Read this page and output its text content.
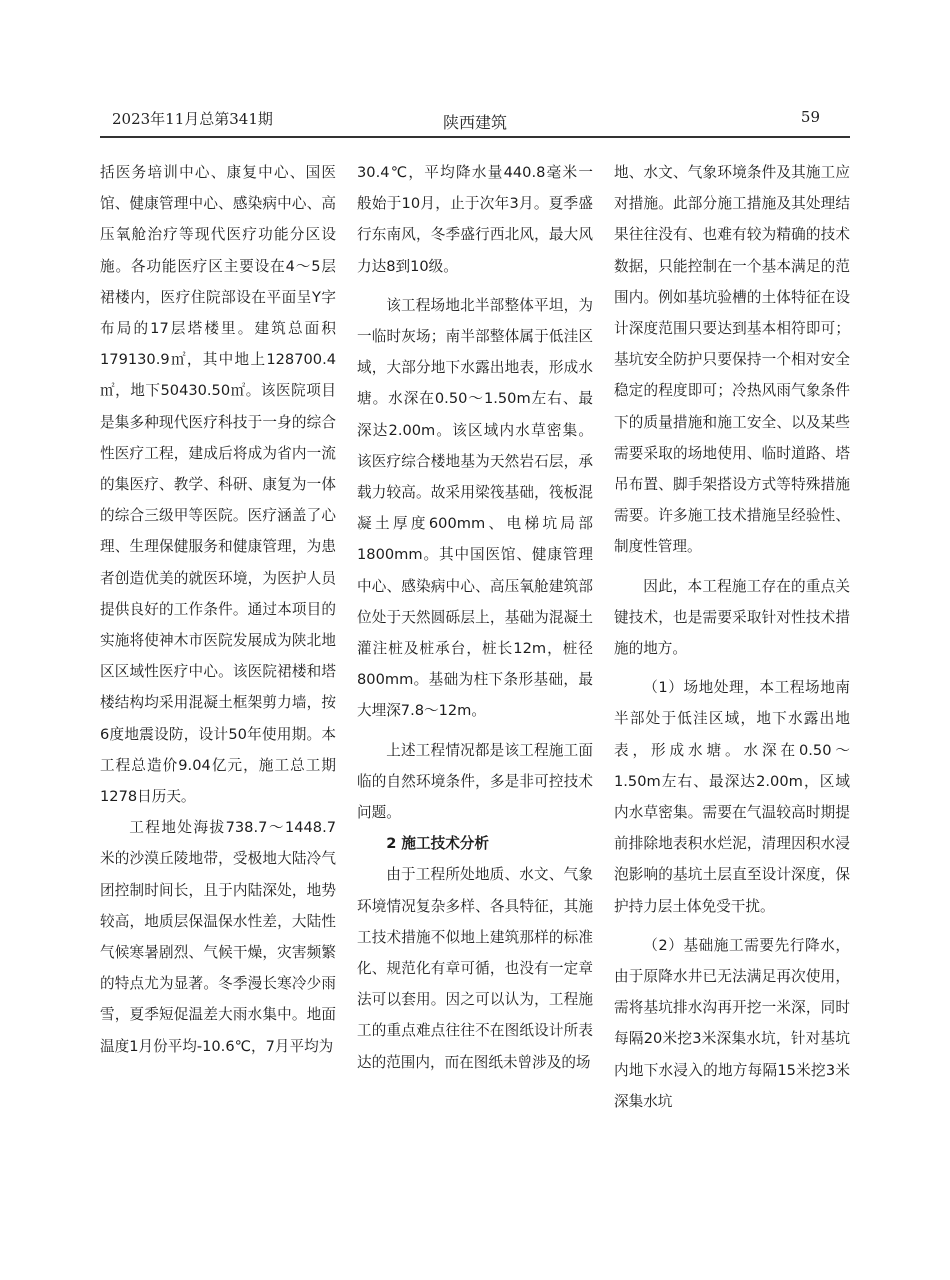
2023年11月总第341期	陕西建筑	59

括医务培训中心、康复中心、国医馆、健康管理中心、感染病中心、高压氧舱治疗等现代医疗功能分区设施。各功能医疗区主要设在4～5层裙楼内，医疗住院部设在平面呈Y字布局的17层塔楼里。建筑总面积179130.9㎡，其中地上128700.4㎡，地下50430.50㎡。该医院项目是集多种现代医疗科技于一身的综合性医疗工程，建成后将成为省内一流的集医疗、教学、科研、康复为一体的综合三级甲等医院。医疗涵盖了心理、生理保健服务和健康管理，为患者创造优美的就医环境，为医护人员提供良好的工作条件。通过本项目的实施将使神木市医院发展成为陕北地区区域性医疗中心。该医院裙楼和塔楼结构均采用混凝土框架剪力墙，按6度地震设防，设计50年使用期。本工程总造价9.04亿元，施工总工期1278日历天。

工程地处海拔738.7～1448.7米的沙漠丘陵地带，受极地大陆冷气团控制时间长，且于内陆深处，地势较高，地质层保温保水性差，大陆性气候寒暑剧烈、气候干燥，灾害频繁的特点尤为显著。冬季漫长寒冷少雨雪，夏季短促温差大雨水集中。地面温度1月份平均-10.6℃，7月平均为

30.4℃，平均降水量440.8毫米一般始于10月，止于次年3月。夏季盛行东南风，冬季盛行西北风，最大风力达8到10级。

该工程场地北半部整体平坦，为一临时灰场；南半部整体属于低洼区域，大部分地下水露出地表，形成水塘。水深在0.50～1.50m左右、最深达2.00m。该区域内水草密集。该医疗综合楼地基为天然岩石层，承载力较高。故采用梁筏基础，筏板混凝土厚度600mm、电梯坑局部1800mm。其中国医馆、健康管理中心、感染病中心、高压氧舱建筑部位处于天然圆砾层上，基础为混凝土灌注桩及桩承台，桩长12m，桩径800mm。基础为柱下条形基础，最大埋深7.8～12m。

上述工程情况都是该工程施工面临的自然环境条件，多是非可控技术问题。

2 施工技术分析

由于工程所处地质、水文、气象环境情况复杂多样、各具特征，其施工技术措施不似地上建筑那样的标准化、规范化有章可循，也没有一定章法可以套用。因之可以认为，工程施工的重点难点往往不在图纸设计所表达的范围内，而在图纸未曾涉及的场

地、水文、气象环境条件及其施工应对措施。此部分施工措施及其处理结果往往没有、也难有较为精确的技术数据，只能控制在一个基本满足的范围内。例如基坑验槽的土体特征在设计深度范围只要达到基本相符即可；基坑安全防护只要保持一个相对安全稳定的程度即可；冷热风雨气象条件下的质量措施和施工安全、以及某些需要采取的场地使用、临时道路、塔吊布置、脚手架搭设方式等特殊措施需要。许多施工技术措施呈经验性、制度性管理。

因此，本工程施工存在的重点关键技术，也是需要采取针对性技术措施的地方。

（1）场地处理，本工程场地南半部处于低洼区域，地下水露出地表，形成水塘。水深在0.50～1.50m左右、最深达2.00m，区域内水草密集。需要在气温较高时期提前排除地表积水烂泥，清理因积水浸泡影响的基坑土层直至设计深度，保护持力层土体免受干扰。

（2）基础施工需要先行降水，由于原降水井已无法满足再次使用，需将基坑排水沟再开挖一米深，同时每隔20米挖3米深集水坑，针对基坑内地下水浸入的地方每隔15米挖3米深集水坑
